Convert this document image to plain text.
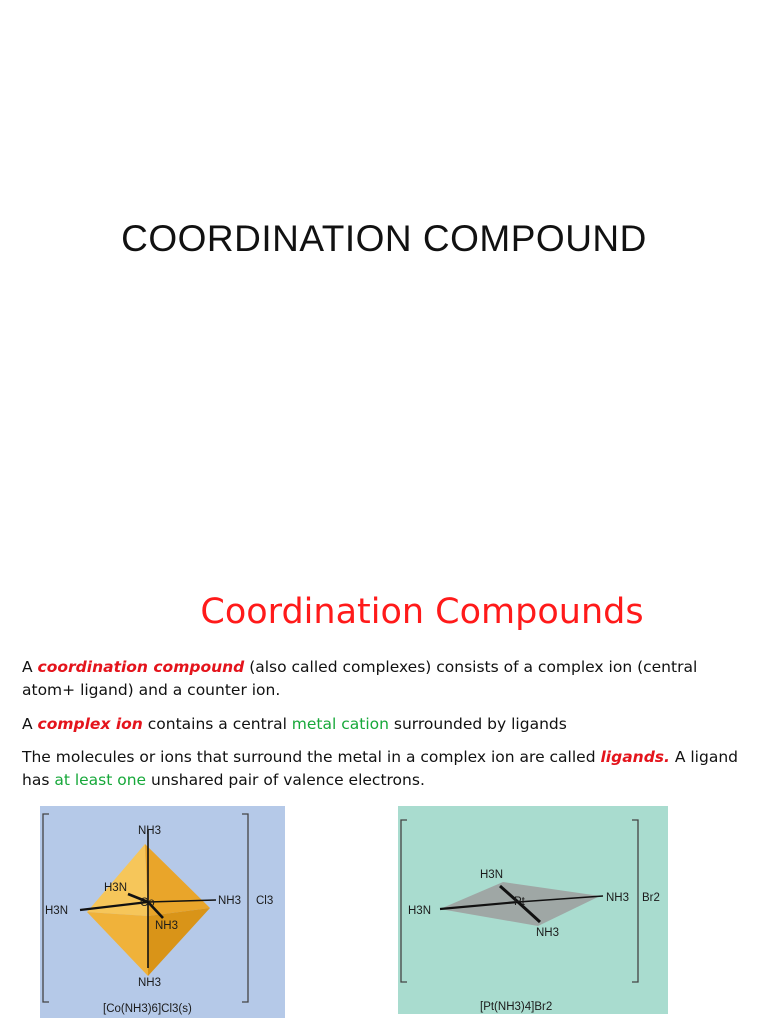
COORDINATION COMPOUND
Coordination Compounds
A coordination compound (also called complexes) consists of a complex ion (central atom+ ligand) and a counter ion.
A complex ion contains a central metal cation surrounded by ligands
The molecules or ions that surround the metal in a complex ion are called ligands. A ligand has at least one unshared pair of valence electrons.
NH3
H3N
Co
H3N
NH3 Cl3
NH3
NH3
[Co(NH3)6]Cl3(s)
H3N
Pt	NH3 Br2
H3N
NH3
[Pt(NH3)4]Br2
